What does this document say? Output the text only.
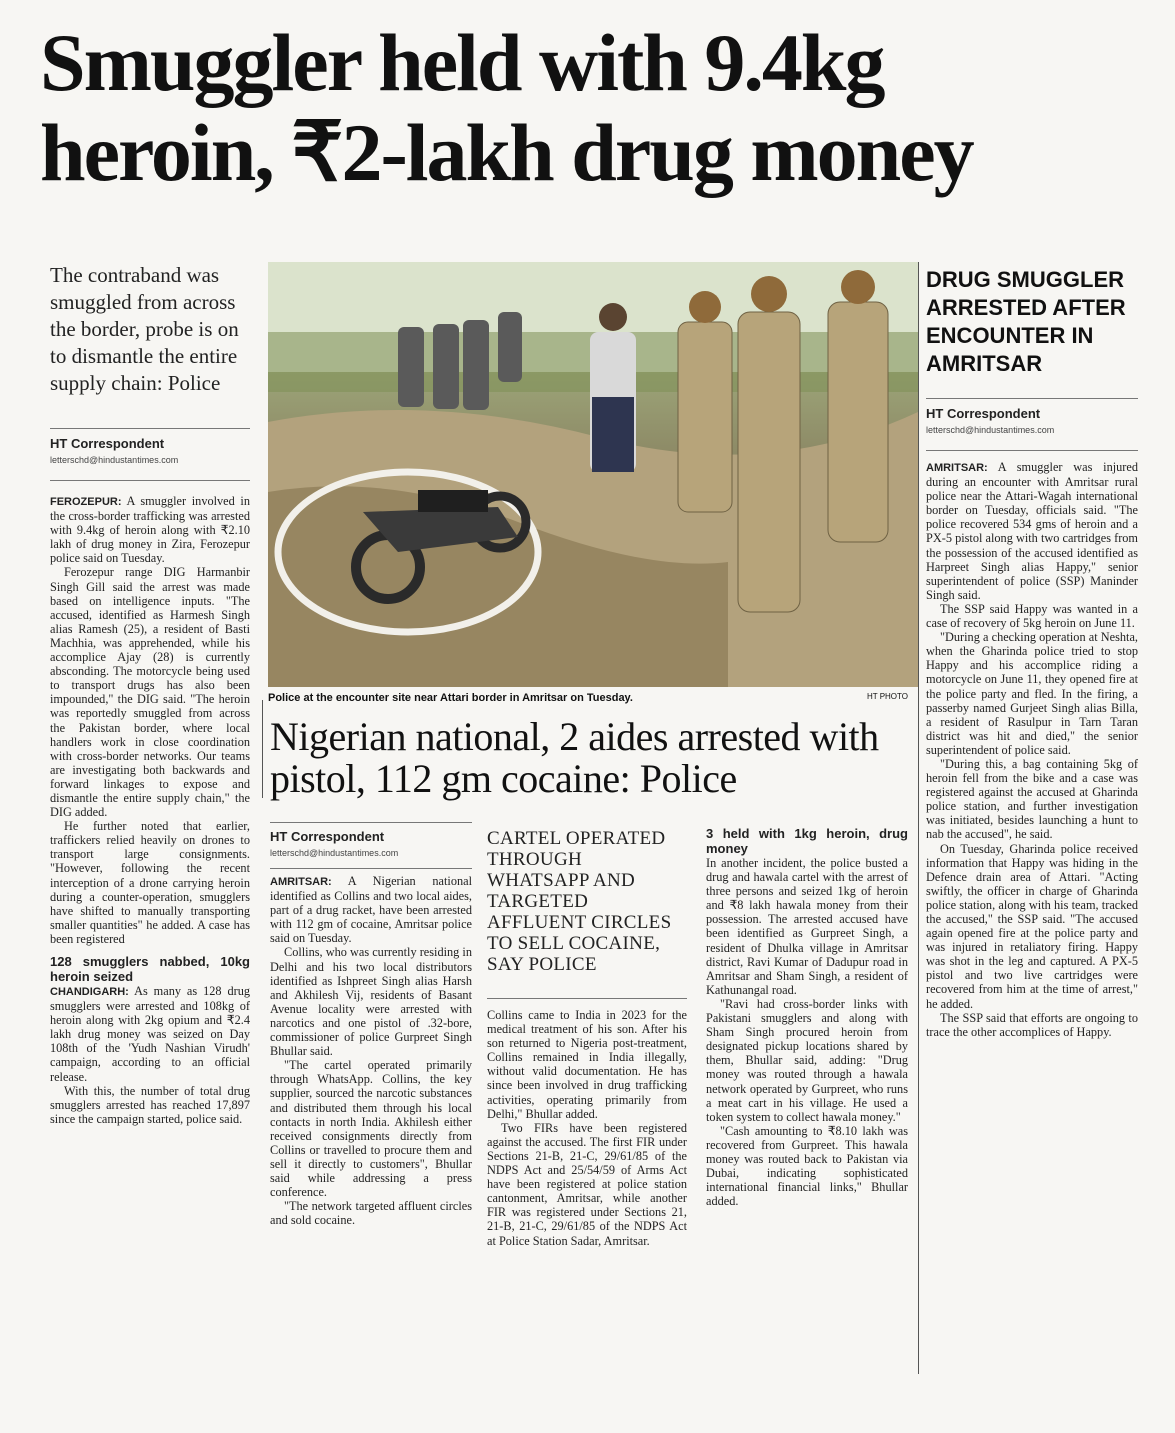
Smuggler held with 9.4kg
heroin, ₹2-lakh drug money
The contraband was smuggled from across the border, probe is on to dismantle the entire supply chain: Police
HT Correspondent
letterschd@hindustantimes.com

FEROZEPUR: A smuggler involved in the cross-border trafficking was arrested with 9.4kg of heroin along with ₹2.10 lakh of drug money in Zira, Ferozepur police said on Tuesday.

Ferozepur range DIG Harmanbir Singh Gill said the arrest was made based on intelligence inputs. "The accused, identified as Harmesh Singh alias Ramesh (25), a resident of Basti Machhia, was apprehended, while his accomplice Ajay (28) is currently absconding. The motorcycle being used to transport drugs has also been impounded," the DIG said. "The heroin was reportedly smuggled from across the Pakistan border, where local handlers work in close coordination with cross-border networks. Our teams are investigating both backwards and forward linkages to expose and dismantle the entire supply chain," the DIG added.

He further noted that earlier, traffickers relied heavily on drones to transport large consignments. "However, following the recent interception of a drone carrying heroin during a counter-operation, smugglers have shifted to manually transporting smaller quantities" he added. A case has been registered

128 smugglers nabbed, 10kg heroin seized

CHANDIGARH: As many as 128 drug smugglers were arrested and 108kg of heroin along with 2kg opium and ₹2.4 lakh drug money was seized on Day 108th of the 'Yudh Nashian Virudh' campaign, according to an official release.

With this, the number of total drug smugglers arrested has reached 17,897 since the campaign started, police said.

Police at the encounter site near Attari border in Amritsar on Tuesday.	HT PHOTO
Nigerian national, 2 aides arrested with pistol, 112 gm cocaine: Police
HT Correspondent
letterschd@hindustantimes.com

AMRITSAR: A Nigerian national identified as Collins and two local aides, part of a drug racket, have been arrested with 112 gm of cocaine, Amritsar police said on Tuesday.

Collins, who was currently residing in Delhi and his two local distributors identified as Ishpreet Singh alias Harsh and Akhilesh Vij, residents of Basant Avenue locality were arrested with narcotics and one pistol of .32-bore, commissioner of police Gurpreet Singh Bhullar said.

"The cartel operated primarily through WhatsApp. Collins, the key supplier, sourced the narcotic substances and distributed them through his local contacts in north India. Akhilesh either received consignments directly from Collins or travelled to procure them and sell it directly to customers", Bhullar said while addressing a press conference.

"The network targeted affluent circles and sold cocaine.

CARTEL OPERATED THROUGH WHATSAPP AND TARGETED AFFLUENT CIRCLES TO SELL COCAINE, SAY POLICE

Collins came to India in 2023 for the medical treatment of his son. After his son returned to Nigeria post-treatment, Collins remained in India illegally, without valid documentation. He has since been involved in drug trafficking activities, operating primarily from Delhi," Bhullar added.

Two FIRs have been registered against the accused. The first FIR under Sections 21-B, 21-C, 29/61/85 of the NDPS Act and 25/54/59 of Arms Act have been registered at police station cantonment, Amritsar, while another FIR was registered under Sections 21, 21-B, 21-C, 29/61/85 of the NDPS Act at Police Station Sadar, Amritsar.

3 held with 1kg heroin, drug money

In another incident, the police busted a drug and hawala cartel with the arrest of three persons and seized 1kg of heroin and ₹8 lakh hawala money from their possession. The arrested accused have been identified as Gurpreet Singh, a resident of Dhulka village in Amritsar district, Ravi Kumar of Dadupur road in Amritsar and Sham Singh, a resident of Kathunangal road.

"Ravi had cross-border links with Pakistani smugglers and along with Sham Singh procured heroin from designated pickup locations shared by them, Bhullar said, adding: "Drug money was routed through a hawala network operated by Gurpreet, who runs a meat cart in his village. He used a token system to collect hawala money."

"Cash amounting to ₹8.10 lakh was recovered from Gurpreet. This hawala money was routed back to Pakistan via Dubai, indicating sophisticated international financial links," Bhullar added.

DRUG SMUGGLER ARRESTED AFTER ENCOUNTER IN AMRITSAR
HT Correspondent
letterschd@hindustantimes.com

AMRITSAR: A smuggler was injured during an encounter with Amritsar rural police near the Attari-Wagah international border on Tuesday, officials said. "The police recovered 534 gms of heroin and a PX-5 pistol along with two cartridges from the possession of the accused identified as Harpreet Singh alias Happy," senior superintendent of police (SSP) Maninder Singh said.

The SSP said Happy was wanted in a case of recovery of 5kg heroin on June 11.

"During a checking operation at Neshta, when the Gharinda police tried to stop Happy and his accomplice riding a motorcycle on June 11, they opened fire at the police party and fled. In the firing, a passerby named Gurjeet Singh alias Billa, a resident of Rasulpur in Tarn Taran district was hit and died," the senior superintendent of police said.

"During this, a bag containing 5kg of heroin fell from the bike and a case was registered against the accused at Gharinda police station, and further investigation was initiated, besides launching a hunt to nab the accused", he said.

On Tuesday, Gharinda police received information that Happy was hiding in the Defence drain area of Attari. "Acting swiftly, the officer in charge of Gharinda police station, along with his team, tracked the accused," the SSP said. "The accused again opened fire at the police party and was injured in retaliatory firing. Happy was shot in the leg and captured. A PX-5 pistol and two live cartridges were recovered from him at the time of arrest," he added.

The SSP said that efforts are ongoing to trace the other accomplices of Happy.
